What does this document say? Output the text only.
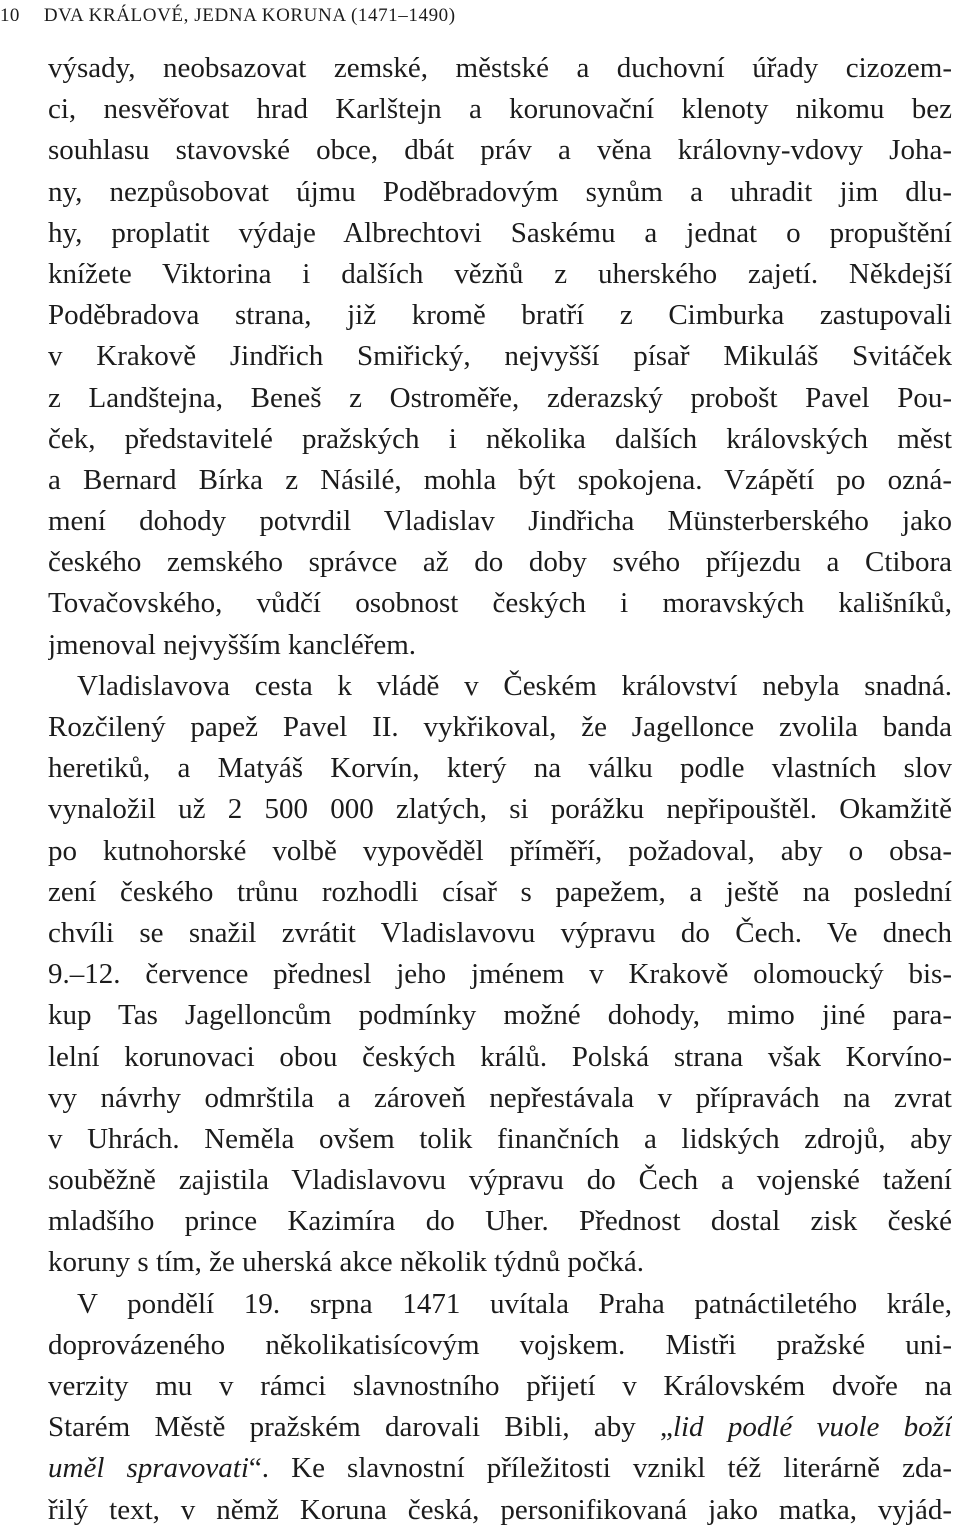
10 DVA KRÁLOVÉ, JEDNA KORUNA (1471–1490)
výsady, neobsazovat zemské, městské a duchovní úřady cizozem-
ci, nesvěřovat hrad Karlštejn a korunovační klenoty nikomu bez
souhlasu stavovské obce, dbát práv a věna královny-vdovy Joha-
ny, nezpůsobovat újmu Poděbradovým synům a uhradit jim dlu-
hy, proplatit výdaje Albrechtovi Saskému a jednat o propuštění
knížete Viktorina i dalších vězňů z uherského zajetí. Někdejší
Poděbradova strana, již kromě bratří z Cimburka zastupovali
v Krakově Jindřich Smiřický, nejvyšší písař Mikuláš Svitáček
z Landštejna, Beneš z Ostroměře, zderazský probošt Pavel Pou-
ček, představitelé pražských i několika dalších královských měst
a Bernard Bírka z Násilé, mohla být spokojena. Vzápětí po ozná-
mení dohody potvrdil Vladislav Jindřicha Münsterberského jako
českého zemského správce až do doby svého příjezdu a Ctibora
Tovačovského, vůdčí osobnost českých i moravských kališníků,
jmenoval nejvyšším kancléřem.
Vladislavova cesta k vládě v Českém království nebyla snadná.
Rozčilený papež Pavel II. vykřikoval, že Jagellonce zvolila banda
heretiků, a Matyáš Korvín, který na válku podle vlastních slov
vynaložil už 2 500 000 zlatých, si porážku nepřipouštěl. Okamžitě
po kutnohorské volbě vypověděl příměří, požadoval, aby o obsa-
zení českého trůnu rozhodli císař s papežem, a ještě na poslední
chvíli se snažil zvrátit Vladislavovu výpravu do Čech. Ve dnech
9.–12. července přednesl jeho jménem v Krakově olomoucký bis-
kup Tas Jagelloncům podmínky možné dohody, mimo jiné para-
lelní korunovaci obou českých králů. Polská strana však Korvíno-
vy návrhy odmrštila a zároveň nepřestávala v přípravách na zvrat
v Uhrách. Neměla ovšem tolik finančních a lidských zdrojů, aby
souběžně zajistila Vladislavovu výpravu do Čech a vojenské tažení
mladšího prince Kazimíra do Uher. Přednost dostal zisk české
koruny s tím, že uherská akce několik týdnů počká.
V pondělí 19. srpna 1471 uvítala Praha patnáctiletého krále,
doprovázeného několikatisícovým vojskem. Mistři pražské uni-
verzity mu v rámci slavnostního přijetí v Královském dvoře na
Starém Městě pražském darovali Bibli, aby „lid podlé vuole boží
uměl spravovati“. Ke slavnostní příležitosti vznikl též literárně zda-
řilý text, v němž Koruna česká, personifikovaná jako matka, vyjád-
